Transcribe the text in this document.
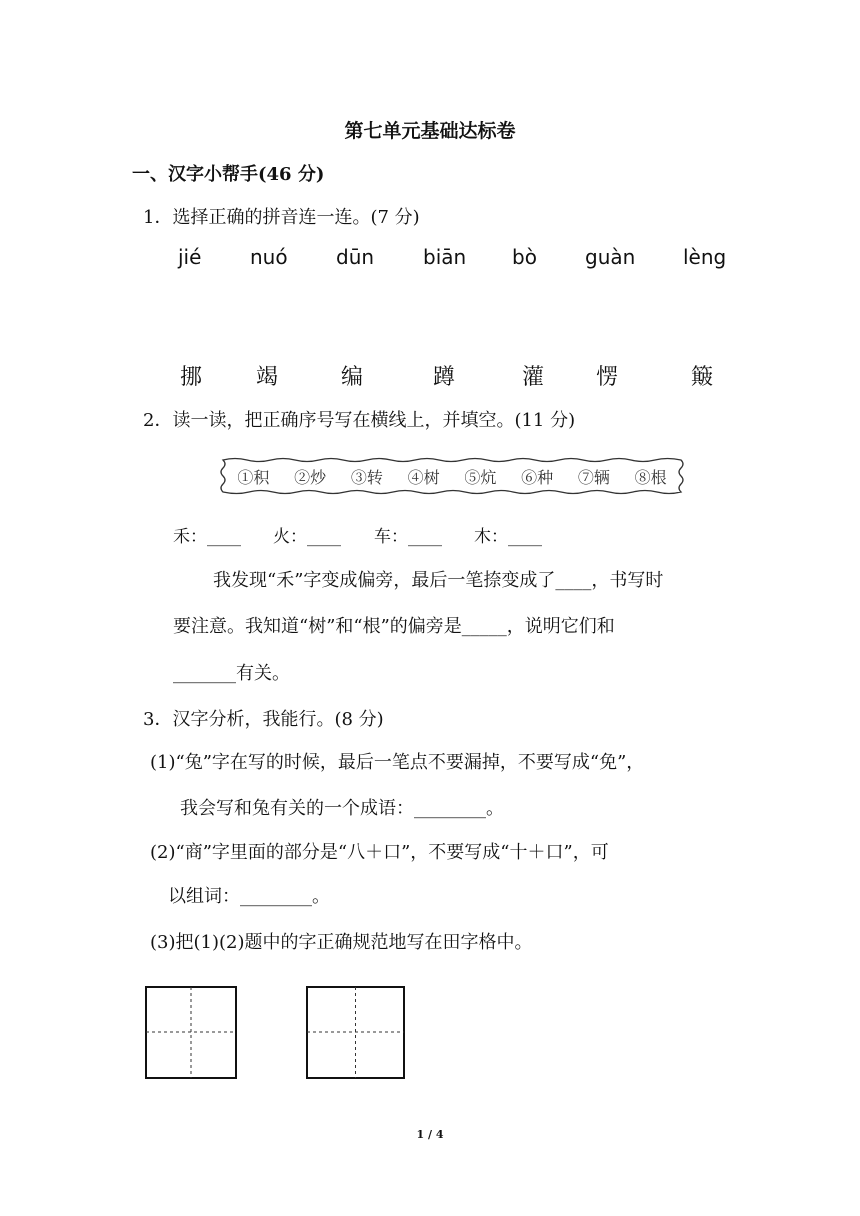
第七单元基础达标卷
一、汉字小帮手(46 分)
1．选择正确的拼音连一连。(7 分)
jié nuó dūn biān bò guàn lèng
挪 竭	编	蹲	灌 愣	簸
2．读一读，把正确序号写在横线上，并填空。(11 分)
①积 ②炒 ③转 ④树 ⑤炕 ⑥种 ⑦辆 ⑧根
禾：____ 火：____ 车：____ 木：____
我发现“禾”字变成偏旁，最后一笔捺变成了____，书写时
要注意。我知道“树”和“根”的偏旁是_____，说明它们和
_______有关。
3．汉字分析，我能行。(8 分)
(1)“兔”字在写的时候，最后一笔点不要漏掉，不要写成“免”，
我会写和兔有关的一个成语：________。
(2)“商”字里面的部分是“八＋口”，不要写成“十＋口”，可
以组词：________。
(3)把(1)(2)题中的字正确规范地写在田字格中。
1 / 4
